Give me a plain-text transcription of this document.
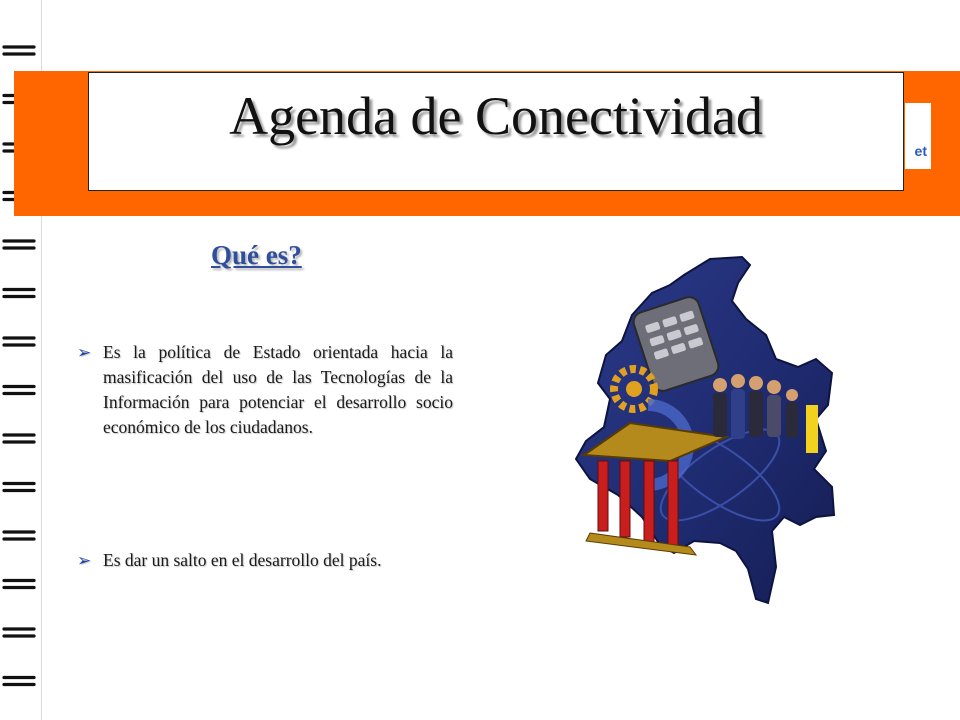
et
Agenda de Conectividad
Qué es?
➢ Es la política de Estado orientada hacia la masificación del uso de las Tecnologías de la Información para potenciar el desarrollo socio económico de los ciudadanos.
➢ Es dar un salto en el desarrollo del país.
